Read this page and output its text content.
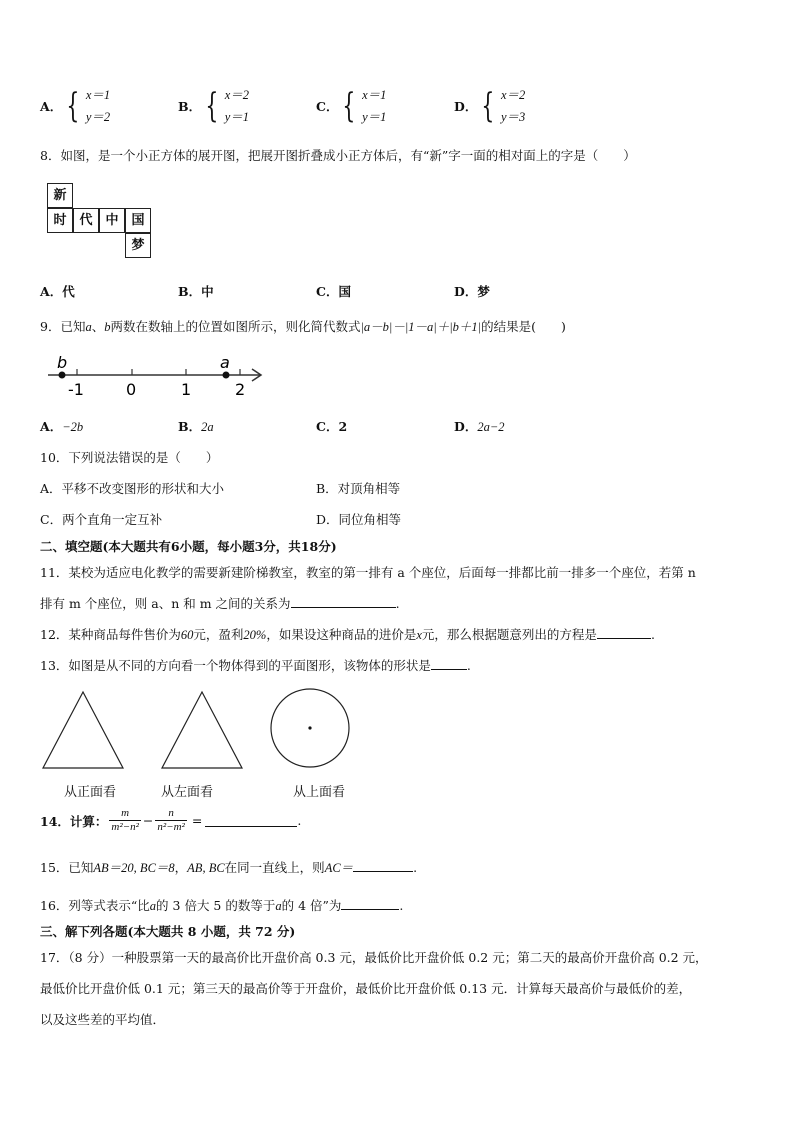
A． { x＝1
y＝2
B． { x＝2
y＝1
C． { x＝1
y＝1
D． { x＝2
y＝3
8．如图，是一个小正方体的展开图，把展开图折叠成小正方体后，有“新”字一面的相对面上的字是（　　）
新
时 代 中 国
梦
A．代	B．中	C．国	D．梦
9．已知a、b两数在数轴上的位置如图所示，则化简代数式|a－b|－|1－a|＋|b＋1|的结果是(　　)
b	a
-1	0	1	2
A．−2b	B．2a	C．2	D．2a−2
10．下列说法错误的是（　　）
A．平移不改变图形的形状和大小	B．对顶角相等
C．两个直角一定互补	D．同位角相等
二、填空题(本大题共有6小题，每小题3分，共18分)
11．某校为适应电化教学的需要新建阶梯教室，教室的第一排有 a 个座位，后面每一排都比前一排多一个座位，若第 n
排有 m 个座位，则 a、n 和 m 之间的关系为	.
12．某种商品每件售价为60元，盈利20%，如果设这种商品的进价是x元，那么根据题意列出的方程是	.
13．如图是从不同的方向看一个物体得到的平面图形，该物体的形状是	.
从正面看	从左面看	从上面看
14．计算： $\frac{m}{\text{m²−n²}} - \frac{n}{\text{n²−m²}}$ =	.
15．已知AB＝20, BC＝8，AB, BC在同一直线上，则AC＝	.
16．列等式表示“比a的 3 倍大 5 的数等于a的 4 倍”为	.
三、解下列各题(本大题共 8 小题，共 72 分)
17．（8 分）一种股票第一天的最高价比开盘价高 0.3 元，最低价比开盘价低 0.2 元；第二天的最高价开盘价高 0.2 元，
最低价比开盘价低 0.1 元；第三天的最高价等于开盘价，最低价比开盘价低 0.13 元．计算每天最高价与最低价的差，
以及这些差的平均值．
